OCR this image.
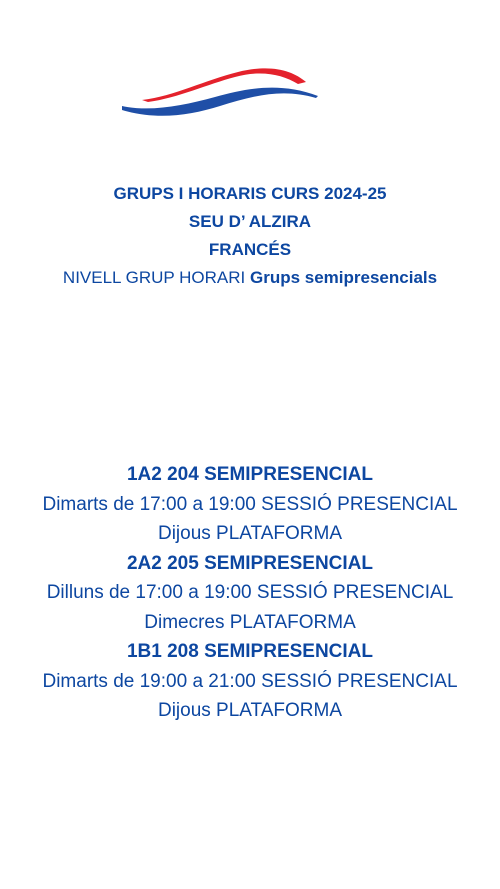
GRUPS I HORARIS CURS 2024-25
SEU D’ ALZIRA
FRANCÉS
NIVELL GRUP HORARI Grups semipresencials
1A2 204 SEMIPRESENCIAL
Dimarts de 17:00 a 19:00 SESSIÓ PRESENCIAL
Dijous PLATAFORMA
2A2 205 SEMIPRESENCIAL
Dilluns de 17:00 a 19:00 SESSIÓ PRESENCIAL
Dimecres PLATAFORMA
1B1 208 SEMIPRESENCIAL
Dimarts de 19:00 a 21:00 SESSIÓ PRESENCIAL
Dijous PLATAFORMA
